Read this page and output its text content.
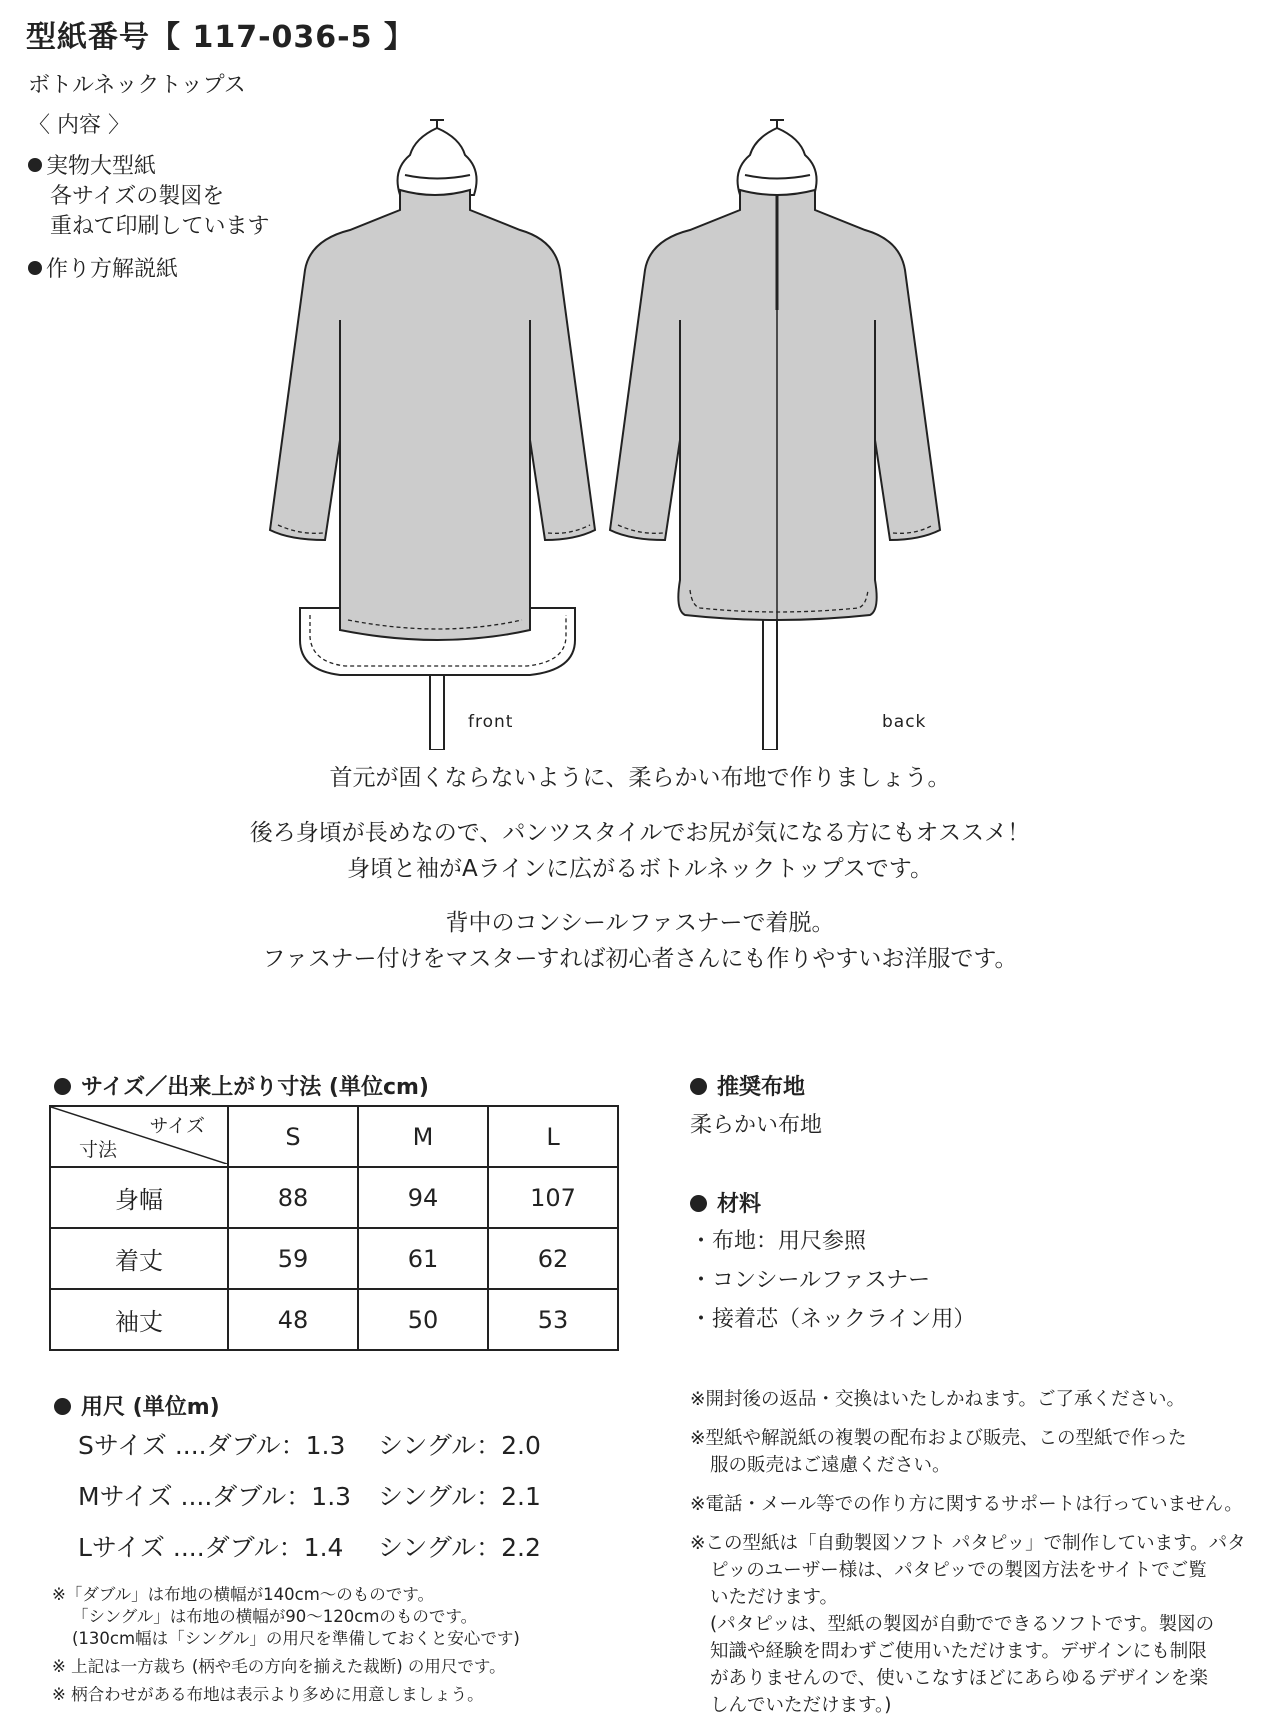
型紙番号【 117-036-5 】
ボトルネックトップス
〈 内容 〉
実物大型紙
各サイズの製図を
重ねて印刷しています
作り方解説紙
front	back
首元が固くならないように、柔らかい布地で作りましょう。
後ろ身頃が長めなので、パンツスタイルでお尻が気になる方にもオススメ！
身頃と袖がAラインに広がるボトルネックトップスです。
背中のコンシールファスナーで着脱。
ファスナー付けをマスターすれば初心者さんにも作りやすいお洋服です。
サイズ／出来上がり寸法 (単位cm)
サイズ
寸法	S	M	L
身幅	88	94	107
着丈	59	61	62
袖丈	48	50	53
用尺 (単位m)
Sサイズ ....ダブル：1.3 シングル：2.0
Mサイズ ....ダブル：1.3 シングル：2.1
Lサイズ ....ダブル：1.4 シングル：2.2
※「ダブル」は布地の横幅が140cm〜のものです。
「シングル」は布地の横幅が90〜120cmのものです。
(130cm幅は「シングル」の用尺を準備しておくと安心です)
※ 上記は一方裁ち (柄や毛の方向を揃えた裁断) の用尺です。
※ 柄合わせがある布地は表示より多めに用意しましょう。
推奨布地
柔らかい布地
材料
・布地：用尺参照
・コンシールファスナー
・接着芯（ネックライン用）
※開封後の返品・交換はいたしかねます。ご了承ください。
※型紙や解説紙の複製の配布および販売、この型紙で作った
服の販売はご遠慮ください。
※電話・メール等での作り方に関するサポートは行っていません。
※この型紙は「自動製図ソフト パタピッ」で制作しています。パタ
ピッのユーザー様は、パタピッでの製図方法をサイトでご覧
いただけます。
(パタピッは、型紙の製図が自動でできるソフトです。製図の
知識や経験を問わずご使用いただけます。デザインにも制限
がありませんので、使いこなすほどにあらゆるデザインを楽
しんでいただけます。)
